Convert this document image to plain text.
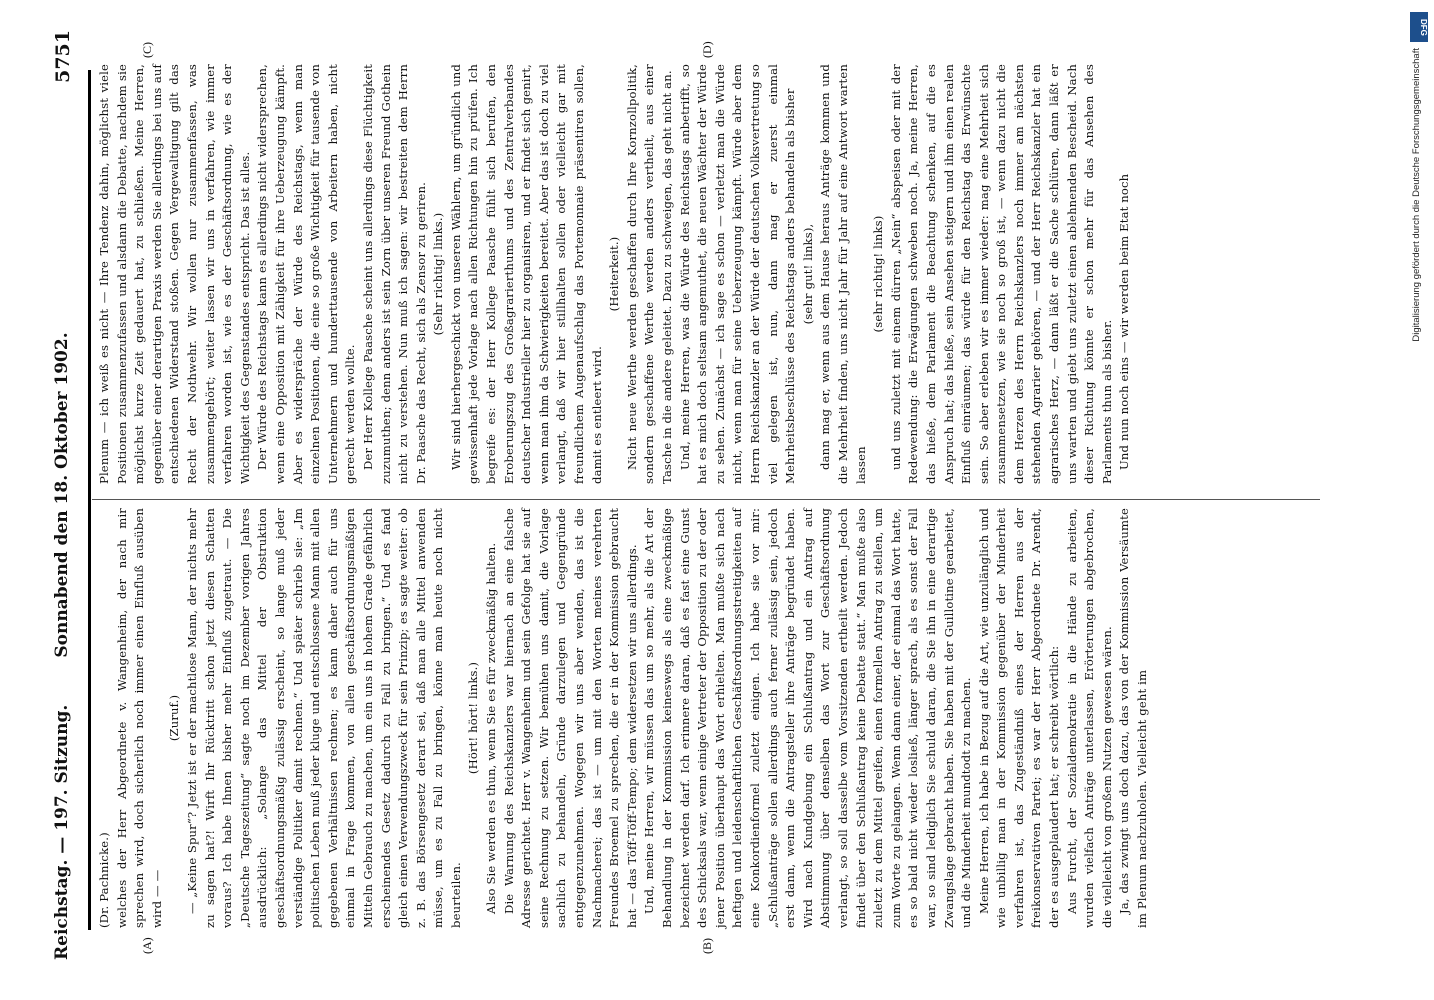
Reichstag. — 197. Sitzung.
Sonnabend den 18. Oktober 1902.
5751
(A)	(B)
(C)	(D)

(Dr. Pachnicke.) welches der Herr Abgeordnete v. Wangenheim, der nach mir sprechen wird, doch sicherlich noch immer einen Einfluß ausüben wird — —

(Zuruf.) — „Keine Spur“? Jetzt ist er der machtlose Mann, der nichts mehr zu sagen hat?! Wirft Ihr Rücktritt schon jetzt diesen Schatten voraus? Ich habe Ihnen bisher mehr Einfluß zugetraut. — Die „Deutsche Tageszeitung“ sagte noch im Dezember vorigen Jahres ausdrücklich: „Solange das Mittel der Obstruktion geschäftsordnungsmäßig zulässig erscheint, so lange muß jeder verständige Politiker damit rechnen.“ Und später schrieb sie: „Im politischen Leben muß jeder kluge und entschlossene Mann mit allen gegebenen Verhältnissen rechnen; es kann daher auch für uns einmal in Frage kommen, von allen geschäftsordnungsmäßigen Mitteln Gebrauch zu machen, um ein uns in hohem Grade gefährlich erscheinendes Gesetz dadurch zu Fall zu bringen.“ Und es fand gleich einen Verwendungszweck für sein Prinzip; es sagte weiter: ob z. B. das Börsengesetz derart sei, daß man alle Mittel anwenden müsse, um es zu Fall zu bringen, könne man heute noch nicht beurteilen.

(Hört! hört! links.) Also Sie werden es thun, wenn Sie es für zweckmäßig halten. Die Warnung des Reichskanzlers war hiernach an eine falsche Adresse gerichtet. Herr v. Wangenheim und sein Gefolge hat sie auf seine Rechnung zu setzen. Wir bemühen uns damit, die Vorlage sachlich zu behandeln, Gründe darzulegen und Gegengründe entgegenzunehmen. Wogegen wir uns aber wenden, das ist die Nachmacherei; das ist — um mit den Worten meines verehrten Freundes Broemel zu sprechen, die er in der Kommission gebraucht hat — das Töff-Töff-Tempo; dem widersetzen wir uns allerdings. Und, meine Herren, wir müssen das um so mehr, als die Art der Behandlung in der Kommission keineswegs als eine zweckmäßige bezeichnet werden darf. Ich erinnere daran, daß es fast eine Gunst des Schicksals war, wenn einige Vertreter der Opposition zu der oder jener Position überhaupt das Wort erhielten. Man mußte sich nach heftigen und leidenschaftlichen Geschäftsordnungsstreitigkeiten auf eine Konkordienformel zuletzt einigen. Ich habe sie vor mir: „Schlußanträge sollen allerdings auch ferner zulässig sein, jedoch erst dann, wenn die Antragsteller ihre Anträge begründet haben. Wird nach Kundgebung ein Schlußantrag und ein Antrag auf Abstimmung über denselben das Wort zur Geschäftsordnung verlangt, so soll dasselbe vom Vorsitzenden ertheilt werden. Jedoch findet über den Schlußantrag keine Debatte statt.“ Man mußte also zuletzt zu dem Mittel greifen, einen formellen Antrag zu stellen, um zum Worte zu gelangen. Wenn dann einer, der einmal das Wort hatte, es so bald nicht wieder losließ, länger sprach, als es sonst der Fall war, so sind lediglich Sie schuld daran, die Sie ihn in eine derartige Zwangslage gebracht haben. Sie haben mit der Guillotine gearbeitet, und die Minderheit mundtodt zu machen. Meine Herren, ich habe in Bezug auf die Art, wie unzulänglich und wie unbillig man in der Kommission gegenüber der Minderheit verfahren ist, das Zugeständniß eines der Herren aus der freikonservativen Partei; es war der Herr Abgeordnete Dr. Arendt, der es ausgeplaudert hat; er schreibt wörtlich: Aus Furcht, der Sozialdemokratie in die Hände zu arbeiten, wurden vielfach Anträge unterlassen, Erörterungen abgebrochen, die vielleicht von großem Nutzen gewesen wären. Ja, das zwingt uns doch dazu, das von der Kommission Versäumte im Plenum nachzuholen. Vielleicht geht im

Plenum — ich weiß es nicht — Ihre Tendenz dahin, möglichst viele Positionen zusammenzufassen und alsdann die Debatte, nachdem sie möglichst kurze Zeit gedauert hat, zu schließen. Meine Herren, gegenüber einer derartigen Praxis werden Sie allerdings bei uns auf entschiedenen Widerstand stoßen. Gegen Vergewaltigung gilt das Recht der Nothwehr. Wir wollen nur zusammenfassen, was zusammengehört; weiter lassen wir uns in verfahren, wie immer verfahren worden ist, wie es der Geschäftsordnung, wie es der Wichtigkeit des Gegenstandes entspricht. Das ist alles. Der Würde des Reichstags kann es allerdings nicht widersprechen, wenn eine Opposition mit Zähigkeit für ihre Ueberzeugung kämpft. Aber es widerspräche der Würde des Reichstags, wenn man einzelnen Positionen, die eine so große Wichtigkeit für tausende von Unternehmern und hunderttausende von Arbeitern haben, nicht gerecht werden wollte. Der Herr Kollege Paasche scheint uns allerdings diese Flüchtigkeit zuzumuthen; denn anders ist sein Zorn über unseren Freund Gothein nicht zu verstehen. Nun muß ich sagen: wir bestreiten dem Herrn Dr. Paasche das Recht, sich als Zensor zu geriren. (Sehr richtig! links.) Wir sind hierhergeschickt von unseren Wählern, um gründlich und gewissenhaft jede Vorlage nach allen Richtungen hin zu prüfen. Ich begreife es: der Herr Kollege Paasche fühlt sich berufen, den Eroberungszug des Großagrarierthums und des Zentralverbandes deutscher Industrieller hier zu organisiren, und er findet sich genirt, wenn man ihm da Schwierigkeiten bereitet. Aber das ist doch zu viel verlangt, daß wir hier stillhalten sollen oder vielleicht gar mit freundlichem Augenaufschlag das Portemonnaie präsentiren sollen, damit es entleert wird.

(Heiterkeit.) Nicht neue Werthe werden geschaffen durch Ihre Kornzollpolitik, sondern geschaffene Werthe werden anders vertheilt, aus einer Tasche in die andere geleitet. Dazu zu schweigen, das geht nicht an. Und, meine Herren, was die Würde des Reichstags anbetrifft, so hat es mich doch seltsam angemuthet, die neuen Wächter der Würde zu sehen. Zunächst — ich sage es schon — verletzt man die Würde nicht, wenn man für seine Ueberzeugung kämpft. Würde aber dem Herrn Reichskanzler an der Würde der deutschen Volksvertretung so viel gelegen ist, nun, dann mag er zuerst einmal Mehrheitsbeschlüsse des Reichstags anders behandeln als bisher (sehr gut! links), dann mag er, wenn aus dem Hause heraus Anträge kommen und die Mehrheit finden, uns nicht Jahr für Jahr auf eine Antwort warten lassen

(sehr richtig! links) und uns zuletzt mit einem dürren „Nein“ abspeisen oder mit der Redewendung: die Erwägungen schweben noch. Ja, meine Herren, das hieße, dem Parlament die Beachtung schenken, auf die es Anspruch hat; das hieße, sein Ansehen steigern und ihm einen realen Einfluß einräumen; das würde für den Reichstag das Erwünschte sein. So aber erleben wir es immer wieder: mag eine Mehrheit sich zusammensetzen, wie sie noch so groß ist, — wenn dazu nicht die dem Herzen des Herrn Reichskanzlers noch immer am nächsten stehenden Agrarier gehören, — und der Herr Reichskanzler hat ein agrarisches Herz, — dann läßt er die Sache schlüren, dann läßt er uns warten und giebt uns zuletzt einen ablehnenden Bescheid. Nach dieser Richtung könnte er schon mehr für das Ansehen des Parlaments thun als bisher. Und nun noch eins — wir werden beim Etat noch

DFG
Digitalisierung gefördert durch die Deutsche Forschungsgemeinschaft
